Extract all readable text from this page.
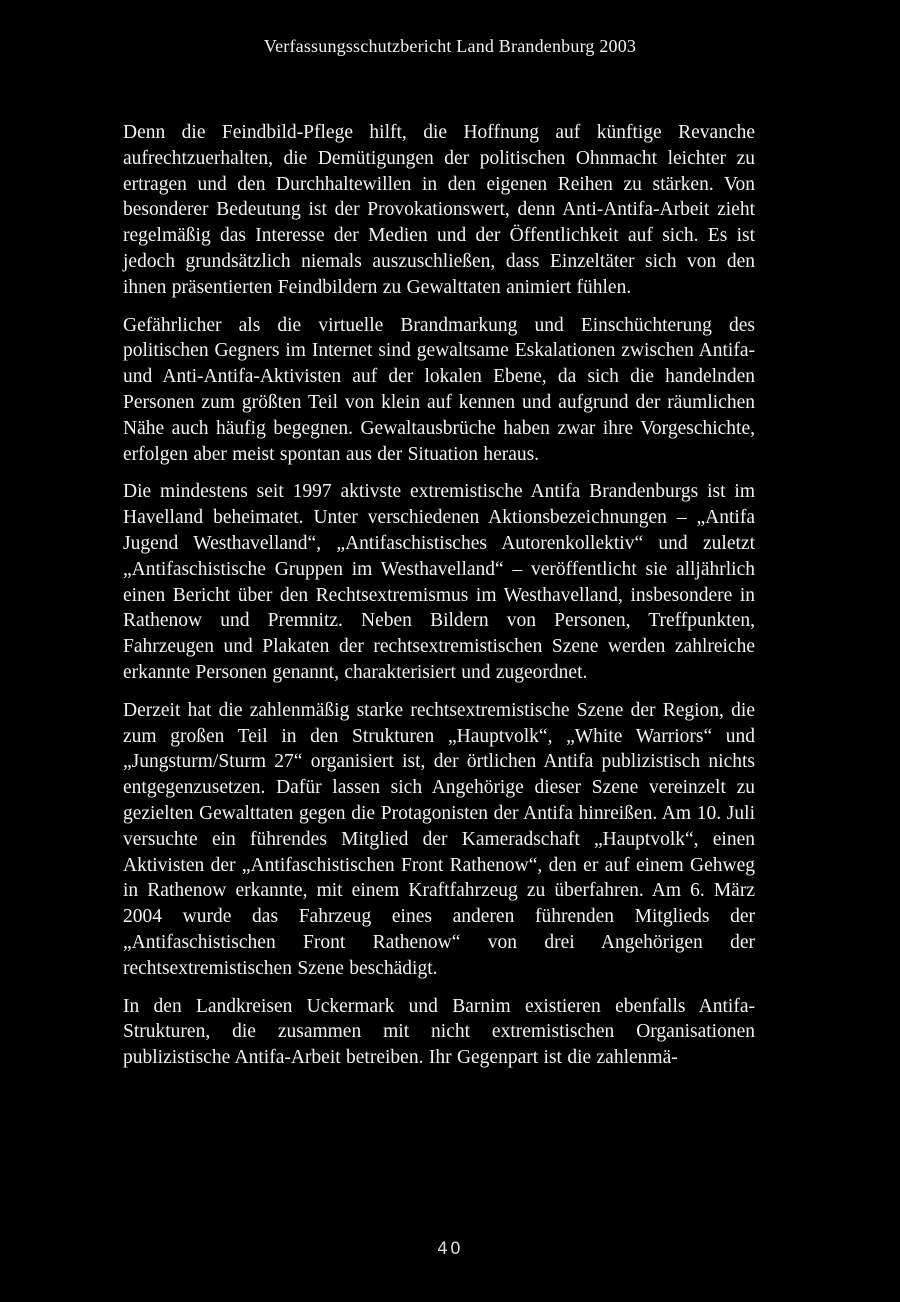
Verfassungsschutzbericht Land Brandenburg 2003

Denn die Feindbild-Pflege hilft, die Hoffnung auf künftige Revanche aufrechtzuerhalten, die Demütigungen der politischen Ohnmacht leichter zu ertragen und den Durchhaltewillen in den eigenen Reihen zu stärken. Von besonderer Bedeutung ist der Provokationswert, denn Anti-Antifa-Arbeit zieht regelmäßig das Interesse der Medien und der Öffentlichkeit auf sich. Es ist jedoch grundsätzlich niemals auszuschließen, dass Einzeltäter sich von den ihnen präsentierten Feindbildern zu Gewalttaten animiert fühlen.

Gefährlicher als die virtuelle Brandmarkung und Einschüchterung des politischen Gegners im Internet sind gewaltsame Eskalationen zwischen Antifa- und Anti-Antifa-Aktivisten auf der lokalen Ebene, da sich die handelnden Personen zum größten Teil von klein auf kennen und aufgrund der räumlichen Nähe auch häufig begegnen. Gewaltausbrüche haben zwar ihre Vorgeschichte, erfolgen aber meist spontan aus der Situation heraus.

Die mindestens seit 1997 aktivste extremistische Antifa Brandenburgs ist im Havelland beheimatet. Unter verschiedenen Aktionsbezeichnungen – „Antifa Jugend Westhavelland“, „Antifaschistisches Autorenkollektiv“ und zuletzt „Antifaschistische Gruppen im Westhavelland“ – veröffentlicht sie alljährlich einen Bericht über den Rechtsextremismus im Westhavelland, insbesondere in Rathenow und Premnitz. Neben Bildern von Personen, Treffpunkten, Fahrzeugen und Plakaten der rechtsextremistischen Szene werden zahlreiche erkannte Personen genannt, charakterisiert und zugeordnet.

Derzeit hat die zahlenmäßig starke rechtsextremistische Szene der Region, die zum großen Teil in den Strukturen „Hauptvolk“, „White Warriors“ und „Jungsturm/Sturm 27“ organisiert ist, der örtlichen Antifa publizistisch nichts entgegenzusetzen. Dafür lassen sich Angehörige dieser Szene vereinzelt zu gezielten Gewalttaten gegen die Protagonisten der Antifa hinreißen. Am 10. Juli versuchte ein führendes Mitglied der Kameradschaft „Hauptvolk“, einen Aktivisten der „Antifaschistischen Front Rathenow“, den er auf einem Gehweg in Rathenow erkannte, mit einem Kraftfahrzeug zu überfahren. Am 6. März 2004 wurde das Fahrzeug eines anderen führenden Mitglieds der „Antifaschistischen Front Rathenow“ von drei Angehörigen der rechtsextremistischen Szene beschädigt.

In den Landkreisen Uckermark und Barnim existieren ebenfalls Antifa-Strukturen, die zusammen mit nicht extremistischen Organisationen publizistische Antifa-Arbeit betreiben. Ihr Gegenpart ist die zahlenmä-

40
